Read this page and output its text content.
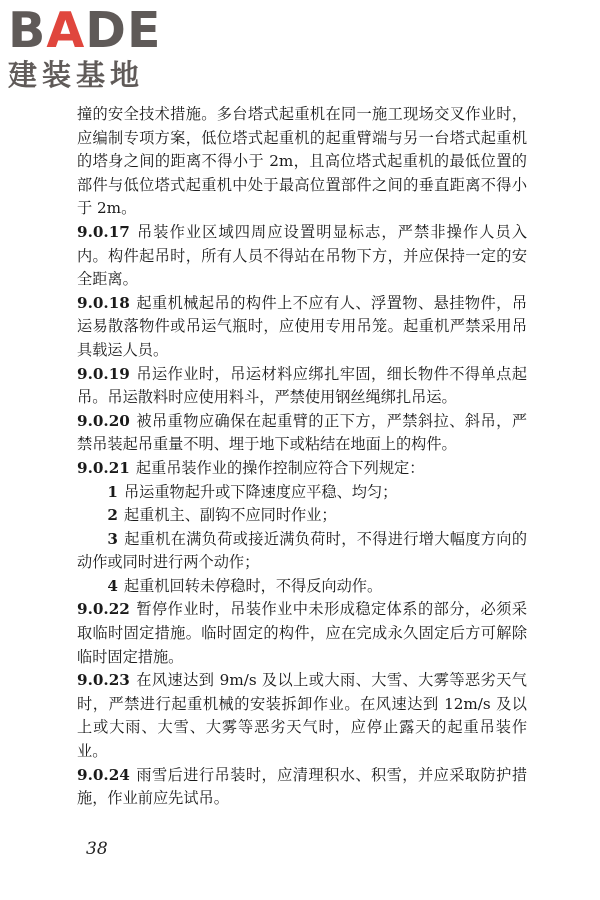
BADE
建装基地

撞的安全技术措施。多台塔式起重机在同一施工现场交叉作业时，应编制专项方案，低位塔式起重机的起重臂端与另一台塔式起重机的塔身之间的距离不得小于 2m，且高位塔式起重机的最低位置的部件与低位塔式起重机中处于最高位置部件之间的垂直距离不得小于 2m。

9.0.17 吊装作业区域四周应设置明显标志，严禁非操作人员入内。构件起吊时，所有人员不得站在吊物下方，并应保持一定的安全距离。

9.0.18 起重机械起吊的构件上不应有人、浮置物、悬挂物件，吊运易散落物件或吊运气瓶时，应使用专用吊笼。起重机严禁采用吊具载运人员。

9.0.19 吊运作业时，吊运材料应绑扎牢固，细长物件不得单点起吊。吊运散料时应使用料斗，严禁使用钢丝绳绑扎吊运。

9.0.20 被吊重物应确保在起重臂的正下方，严禁斜拉、斜吊，严禁吊装起吊重量不明、埋于地下或粘结在地面上的构件。

9.0.21 起重吊装作业的操作控制应符合下列规定：

1 吊运重物起升或下降速度应平稳、均匀；

2 起重机主、副钩不应同时作业；

3 起重机在满负荷或接近满负荷时，不得进行增大幅度方向的动作或同时进行两个动作；

4 起重机回转未停稳时，不得反向动作。

9.0.22 暂停作业时，吊装作业中未形成稳定体系的部分，必须采取临时固定措施。临时固定的构件，应在完成永久固定后方可解除临时固定措施。

9.0.23 在风速达到 9m/s 及以上或大雨、大雪、大雾等恶劣天气时，严禁进行起重机械的安装拆卸作业。在风速达到 12m/s 及以上或大雨、大雪、大雾等恶劣天气时，应停止露天的起重吊装作业。

9.0.24 雨雪后进行吊装时，应清理积水、积雪，并应采取防护措施，作业前应先试吊。

38
